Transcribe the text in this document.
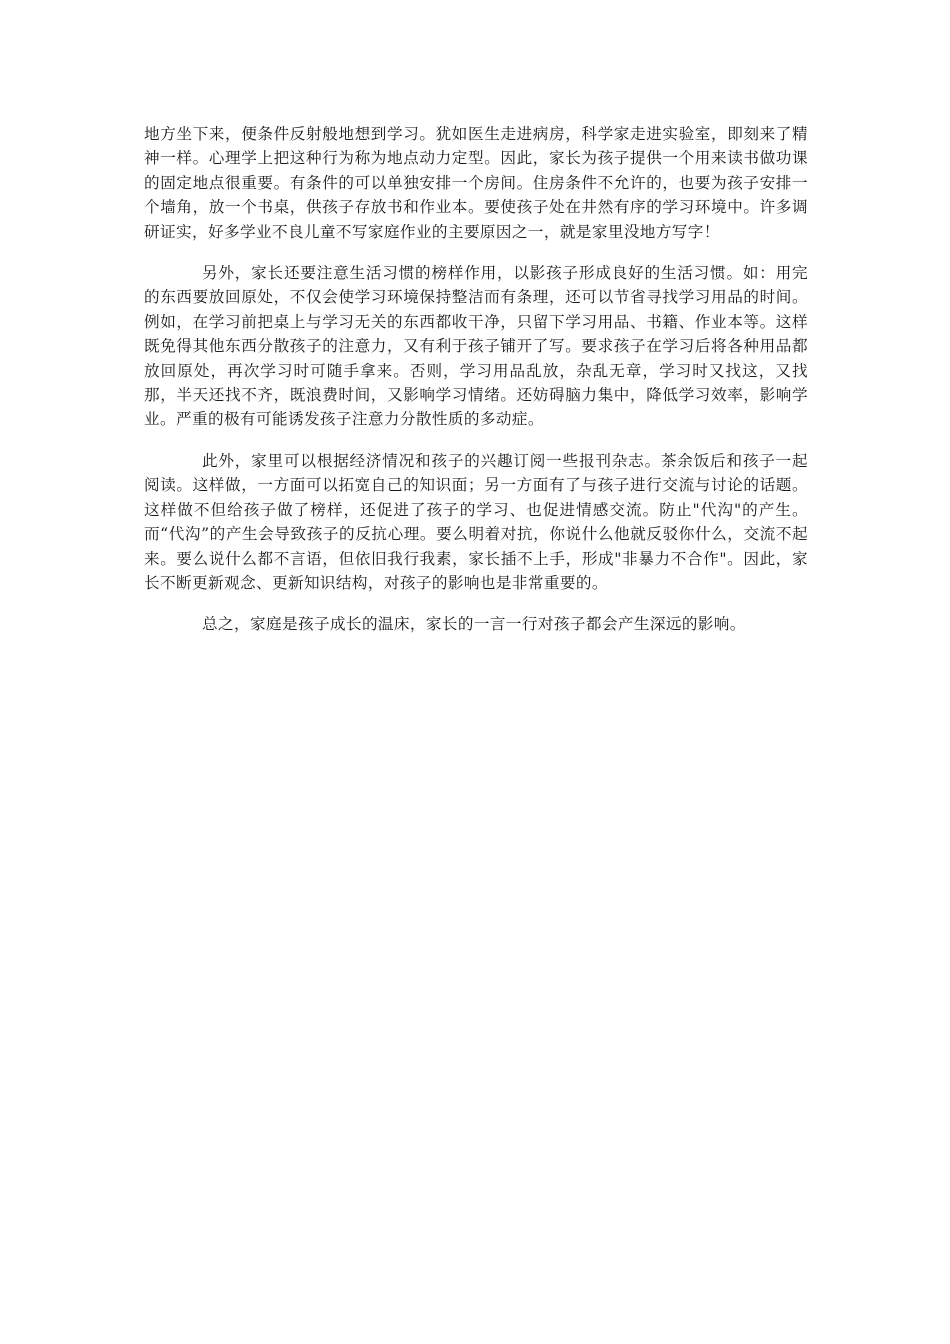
地方坐下来，便条件反射般地想到学习。犹如医生走进病房，科学家走进实验室，即刻来了精神一样。心理学上把这种行为称为地点动力定型。因此，家长为孩子提供一个用来读书做功课的固定地点很重要。有条件的可以单独安排一个房间。住房条件不允许的，也要为孩子安排一个墙角，放一个书桌，供孩子存放书和作业本。要使孩子处在井然有序的学习环境中。许多调研证实，好多学业不良儿童不写家庭作业的主要原因之一，就是家里没地方写字！

另外，家长还要注意生活习惯的榜样作用，以影孩子形成良好的生活习惯。如：用完的东西要放回原处，不仅会使学习环境保持整洁而有条理，还可以节省寻找学习用品的时间。例如，在学习前把桌上与学习无关的东西都收干净，只留下学习用品、书籍、作业本等。这样既免得其他东西分散孩子的注意力，又有利于孩子铺开了写。要求孩子在学习后将各种用品都放回原处，再次学习时可随手拿来。否则，学习用品乱放，杂乱无章，学习时又找这，又找那，半天还找不齐，既浪费时间，又影响学习情绪。还妨碍脑力集中，降低学习效率，影响学业。严重的极有可能诱发孩子注意力分散性质的多动症。

此外，家里可以根据经济情况和孩子的兴趣订阅一些报刊杂志。茶余饭后和孩子一起阅读。这样做，一方面可以拓宽自己的知识面；另一方面有了与孩子进行交流与讨论的话题。这样做不但给孩子做了榜样，还促进了孩子的学习、也促进情感交流。防止"代沟"的产生。而“代沟”的产生会导致孩子的反抗心理。要么明着对抗，你说什么他就反驳你什么，交流不起来。要么说什么都不言语，但依旧我行我素，家长插不上手，形成"非暴力不合作"。因此，家长不断更新观念、更新知识结构，对孩子的影响也是非常重要的。

总之，家庭是孩子成长的温床，家长的一言一行对孩子都会产生深远的影响。
